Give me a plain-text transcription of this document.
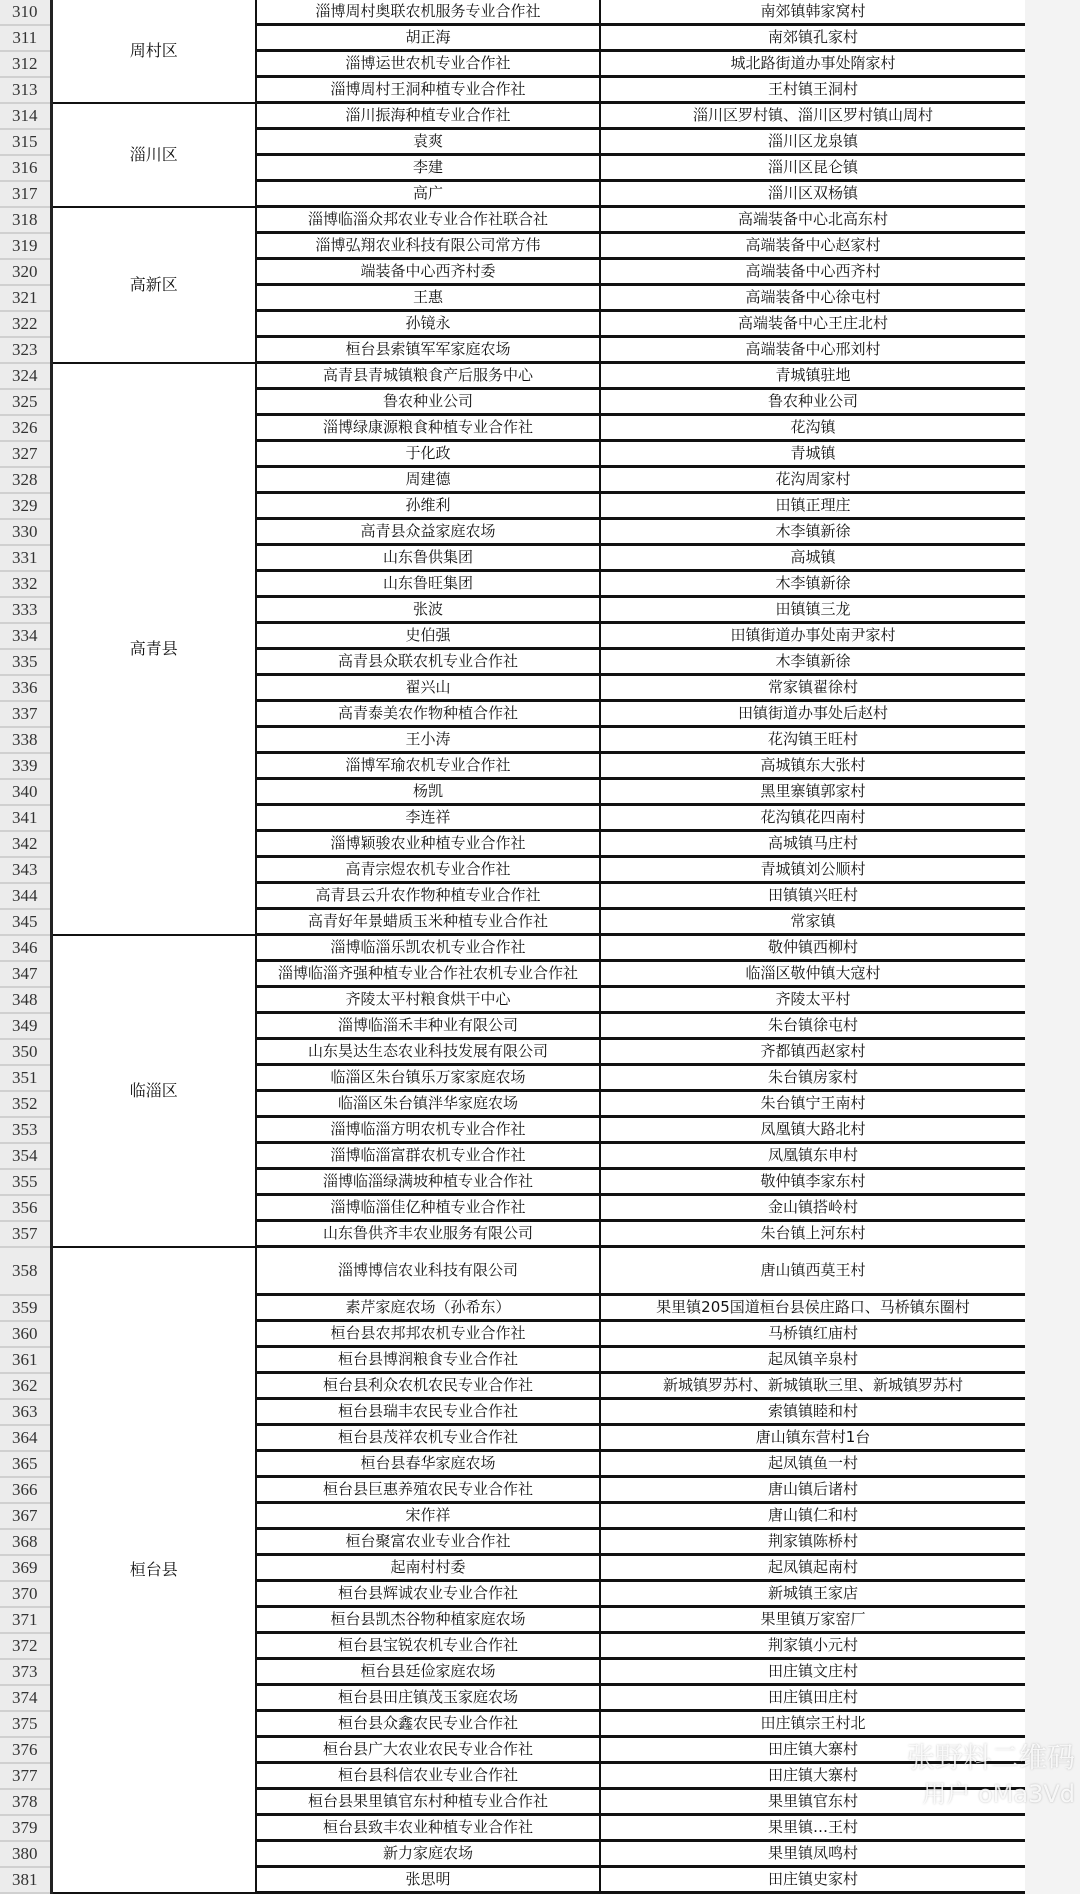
310	周村区	淄博周村奥联农机服务专业合作社	南郊镇韩家窝村
311		胡正海	南郊镇孔家村
312		淄博运世农机专业合作社	城北路街道办事处隋家村
313		淄博周村王洞种植专业合作社	王村镇王洞村
314	淄川区	淄川振海种植专业合作社	淄川区罗村镇、淄川区罗村镇山周村
315		袁爽	淄川区龙泉镇
316		李建	淄川区昆仑镇
317		高广	淄川区双杨镇
318	高新区	淄博临淄众邦农业专业合作社联合社	高端装备中心北高东村
319		淄博弘翔农业科技有限公司常方伟	高端装备中心赵家村
320		端装备中心西齐村委	高端装备中心西齐村
321		王惠	高端装备中心徐屯村
322		孙镜永	高端装备中心王庄北村
323		桓台县索镇军军家庭农场	高端装备中心邢刘村
324	高青县	高青县青城镇粮食产后服务中心	青城镇驻地
325		鲁农种业公司	鲁农种业公司
326		淄博绿康源粮食种植专业合作社	花沟镇
327		于化政	青城镇
328		周建德	花沟周家村
329		孙维利	田镇正理庄
330		高青县众益家庭农场	木李镇新徐
331		山东鲁供集团	高城镇
332		山东鲁旺集团	木李镇新徐
333		张波	田镇镇三龙
334		史伯强	田镇街道办事处南尹家村
335		高青县众联农机专业合作社	木李镇新徐
336		翟兴山	常家镇翟徐村
337		高青泰美农作物种植合作社	田镇街道办事处后赵村
338		王小涛	花沟镇王旺村
339		淄博军瑜农机专业合作社	高城镇东大张村
340		杨凯	黑里寨镇郭家村
341		李连祥	花沟镇花四南村
342		淄博颖骏农业种植专业合作社	高城镇马庄村
343		高青宗煜农机专业合作社	青城镇刘公顺村
344		高青县云升农作物种植专业合作社	田镇镇兴旺村
345		高青好年景蜡质玉米种植专业合作社	常家镇
346	临淄区	淄博临淄乐凯农机专业合作社	敬仲镇西柳村
347		淄博临淄齐强种植专业合作社农机专业合作社	临淄区敬仲镇大寇村
348		齐陵太平村粮食烘干中心	齐陵太平村
349		淄博临淄禾丰种业有限公司	朱台镇徐屯村
350		山东昊达生态农业科技发展有限公司	齐都镇西赵家村
351		临淄区朱台镇乐万家家庭农场	朱台镇房家村
352		临淄区朱台镇泮华家庭农场	朱台镇宁王南村
353		淄博临淄方明农机专业合作社	凤凰镇大路北村
354		淄博临淄富群农机专业合作社	凤凰镇东申村
355		淄博临淄绿满坡种植专业合作社	敬仲镇李家东村
356		淄博临淄佳亿种植专业合作社	金山镇搭岭村
357		山东鲁供齐丰农业服务有限公司	朱台镇上河东村
358	桓台县	淄博博信农业科技有限公司	唐山镇西莫王村
359		素芹家庭农场（孙希东）	果里镇205国道桓台县侯庄路口、马桥镇东圈村
360		桓台县农邦邦农机专业合作社	马桥镇红庙村
361		桓台县博润粮食专业合作社	起凤镇辛泉村
362		桓台县利众农机农民专业合作社	新城镇罗苏村、新城镇耿三里、新城镇罗苏村
363		桓台县瑞丰农民专业合作社	索镇镇睦和村
364		桓台县茂祥农机专业合作社	唐山镇东营村1台
365		桓台县春华家庭农场	起凤镇鱼一村
366		桓台县巨惠养殖农民专业合作社	唐山镇后诸村
367		宋作祥	唐山镇仁和村
368		桓台聚富农业专业合作社	荆家镇陈桥村
369		起南村村委	起凤镇起南村
370		桓台县辉诚农业专业合作社	新城镇王家店
371		桓台县凯杰谷物种植家庭农场	果里镇万家窑厂
372		桓台县宝锐农机专业合作社	荆家镇小元村
373		桓台县廷俭家庭农场	田庄镇文庄村
374		桓台县田庄镇茂玉家庭农场	田庄镇田庄村
375		桓台县众鑫农民专业合作社	田庄镇宗王村北
376		桓台县广大农业农民专业合作社	田庄镇大寨村
377		桓台县科信农业专业合作社	田庄镇大寨村
378		桓台县果里镇官东村种植专业合作社	果里镇官东村
379		桓台县致丰农业种植专业合作社	果里镇…王村
380		新力家庭农场	果里镇凤鸣村
381		张思明	田庄镇史家村
张野料二维码
用户 oMa3Vd
